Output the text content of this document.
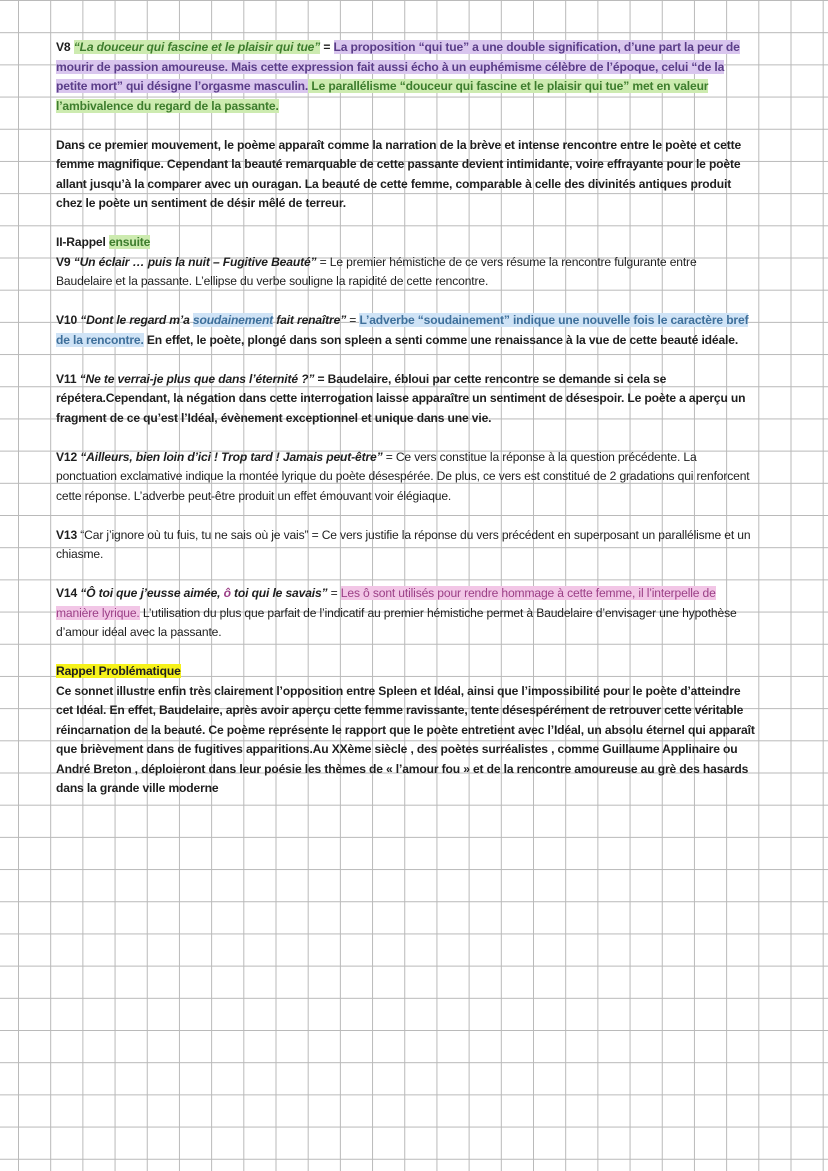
V8 “La douceur qui fascine et le plaisir qui tue” = La proposition “qui tue” a une double signification, d’une part la peur de mourir de passion amoureuse. Mais cette expression fait aussi écho à un euphémisme célèbre de l’époque, celui “de la petite mort” qui désigne l’orgasme masculin. Le parallélisme “douceur qui fascine et le plaisir qui tue” met en valeur l’ambivalence du regard de la passante.

Dans ce premier mouvement, le poème apparaît comme la narration de la brève et intense rencontre entre le poète et cette femme magnifique. Cependant la beauté remarquable de cette passante devient intimidante, voire effrayante pour le poète allant jusqu’à la comparer avec un ouragan. La beauté de cette femme, comparable à celle des divinités antiques produit chez le poète un sentiment de désir mêlé de terreur.

II-Rappel ensuite

V9 “Un éclair … puis la nuit – Fugitive Beauté” = Le premier hémistiche de ce vers résume la rencontre fulgurante entre Baudelaire et la passante. L’ellipse du verbe souligne la rapidité de cette rencontre.

V10 “Dont le regard m’a soudainement fait renaître” = L’adverbe “soudainement” indique une nouvelle fois le caractère bref de la rencontre. En effet, le poète, plongé dans son spleen a senti comme une renaissance à la vue de cette beauté idéale.

V11 “Ne te verrai-je plus que dans l’éternité ?” = Baudelaire, ébloui par cette rencontre se demande si cela se répétera.Cependant, la négation dans cette interrogation laisse apparaître un sentiment de désespoir. Le poète a aperçu un fragment de ce qu’est l’Idéal, évènement exceptionnel et unique dans une vie.

V12 “Ailleurs, bien loin d’ici ! Trop tard ! Jamais peut-être” = Ce vers constitue la réponse à la question précédente. La ponctuation exclamative indique la montée lyrique du poète désespérée. De plus, ce vers est constitué de 2 gradations qui renforcent cette réponse. L’adverbe peut-être produit un effet émouvant voir élégiaque.

V13 “Car j’ignore où tu fuis, tu ne sais où je vais” = Ce vers justifie la réponse du vers précédent en superposant un parallélisme et un chiasme.

V14 “Ô toi que j’eusse aimée, ô toi qui le savais” = Les ô sont utilisés pour rendre hommage à cette femme, il l’interpelle de manière lyrique. L’utilisation du plus que parfait de l’indicatif au premier hémistiche permet à Baudelaire d’envisager une hypothèse d’amour idéal avec la passante.

Rappel Problématique

Ce sonnet illustre enfin très clairement l’opposition entre Spleen et Idéal, ainsi que l’impossibilité pour le poète d’atteindre cet Idéal. En effet, Baudelaire, après avoir aperçu cette femme ravissante, tente désespérément de retrouver cette véritable réincarnation de la beauté. Ce poème représente le rapport que le poète entretient avec l’Idéal, un absolu éternel qui apparaît que brièvement dans de fugitives apparitions.Au XXème siècle , des poètes surréalistes , comme Guillaume Applinaire ou André Breton , déploieront dans leur poésie les thèmes de « l’amour fou » et de la rencontre amoureuse au grè des hasards dans la grande ville moderne
